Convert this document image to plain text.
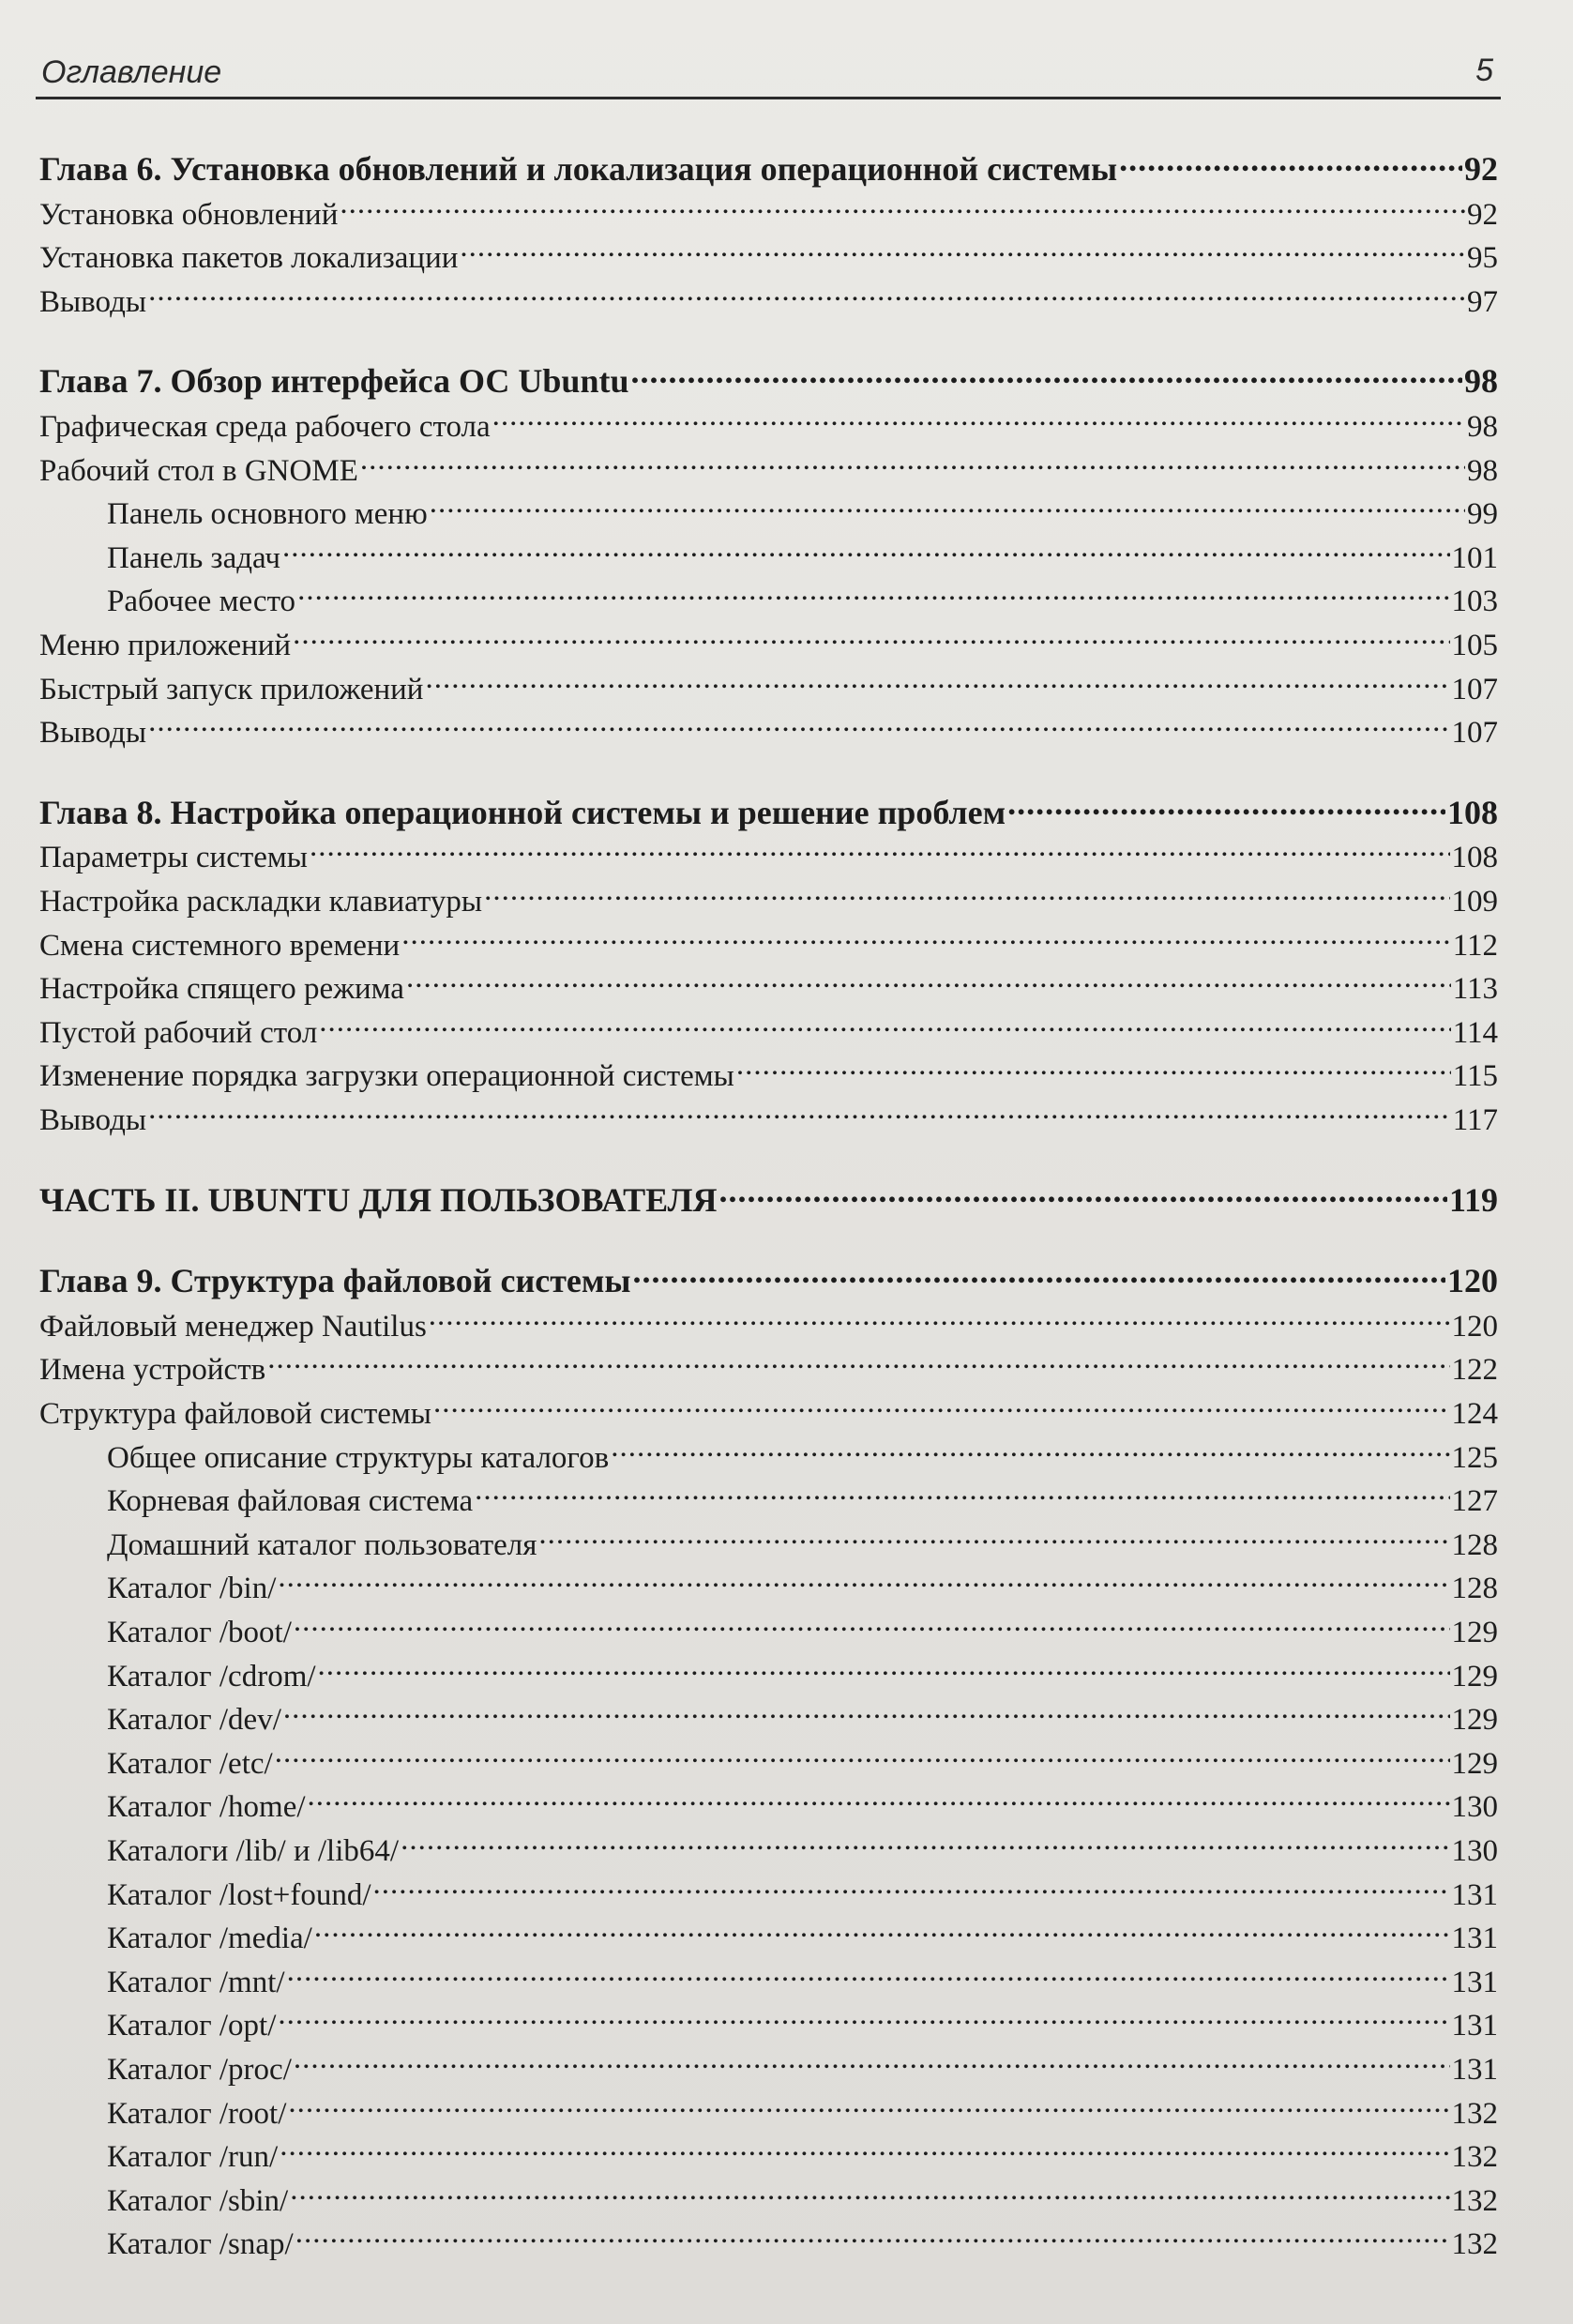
Оглавление	5
Глава 6. Установка обновлений и локализация операционной системы .....	92
Установка обновлений .....	92
Установка пакетов локализации .....	95
Выводы .....	97
Глава 7. Обзор интерфейса ОС Ubuntu .....	98
Графическая среда рабочего стола .....	98
Рабочий стол в GNOME .....	98
Панель основного меню .....	99
Панель задач .....	101
Рабочее место .....	103
Меню приложений .....	105
Быстрый запуск приложений .....	107
Выводы .....	107
Глава 8. Настройка операционной системы и решение проблем .....	108
Параметры системы .....	108
Настройка раскладки клавиатуры .....	109
Смена системного времени .....	112
Настройка спящего режима .....	113
Пустой рабочий стол .....	114
Изменение порядка загрузки операционной системы .....	115
Выводы .....	117
ЧАСТЬ II. UBUNTU ДЛЯ ПОЛЬЗОВАТЕЛЯ .....	119
Глава 9. Структура файловой системы .....	120
Файловый менеджер Nautilus .....	120
Имена устройств .....	122
Структура файловой системы .....	124
Общее описание структуры каталогов .....	125
Корневая файловая система .....	127
Домашний каталог пользователя .....	128
Каталог /bin/ .....	128
Каталог /boot/ .....	129
Каталог /cdrom/ .....	129
Каталог /dev/ .....	129
Каталог /etc/ .....	129
Каталог /home/ .....	130
Каталоги /lib/ и /lib64/ .....	130
Каталог /lost+found/ .....	131
Каталог /media/ .....	131
Каталог /mnt/ .....	131
Каталог /opt/ .....	131
Каталог /proc/ .....	131
Каталог /root/ .....	132
Каталог /run/ .....	132
Каталог /sbin/ .....	132
Каталог /snap/ .....	132
